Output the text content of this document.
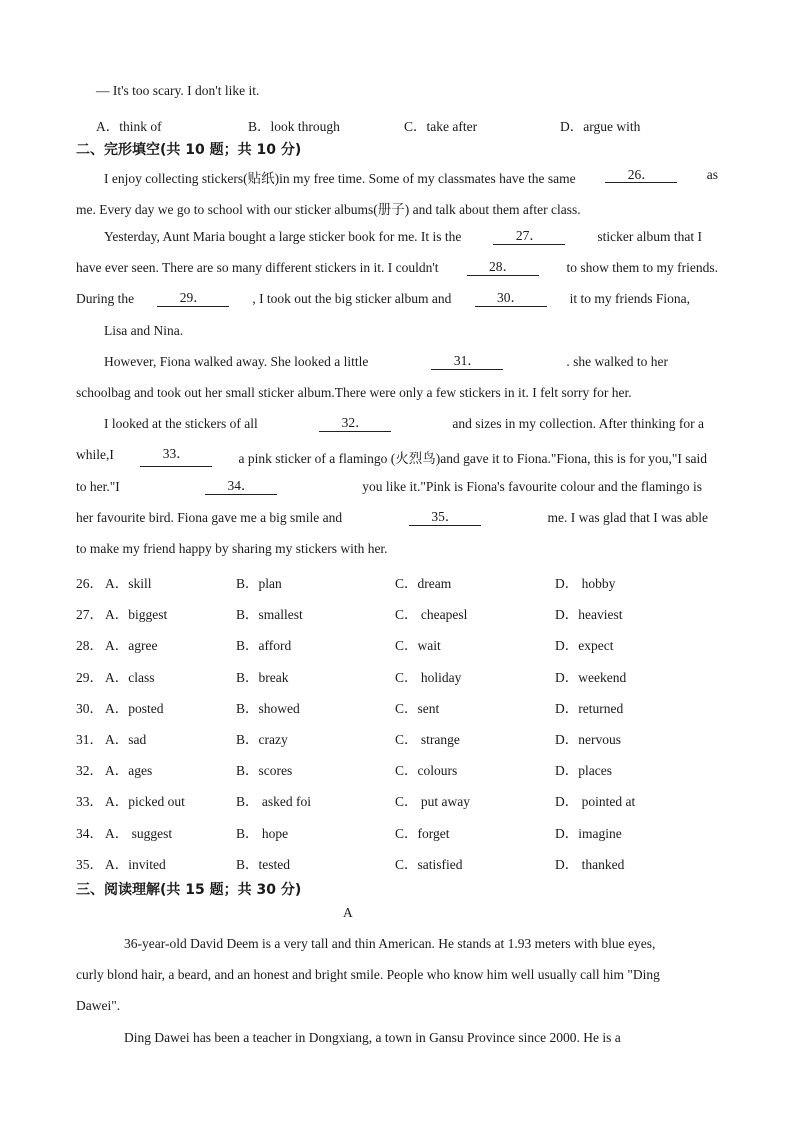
— It's too scary. I don't like it.
A．think of	B．look through	C．take after	D．argue with
二、完形填空(共 10 题；共 10 分)
I enjoy collecting stickers(贴纸)in my free time. Some of my classmates have the same	26．	as
me. Every day we go to school with our sticker albums(册子) and talk about them after class.
Yesterday, Aunt Maria bought a large sticker book for me. It is the	27．	sticker album that I
have ever seen. There are so many different stickers in it. I couldn't	28．	to show them to my friends.
During the	29．	, I took out the big sticker album and	30．	it to my friends Fiona,
Lisa and Nina.
However, Fiona walked away. She looked a little	31．	. she walked to her
schoolbag and took out her small sticker album.There were only a few stickers in it. I felt sorry for her.
I looked at the stickers of all	32．	and sizes in my collection. After thinking for a
while,I	33．	a pink sticker of a flamingo (火烈鸟)and gave it to Fiona."Fiona, this is for you,"I said
to her."I	34．	you like it."Pink is Fiona's favourite colour and the flamingo is
her favourite bird. Fiona gave me a big smile and	35．	me. I was glad that I was able
to make my friend happy by sharing my stickers with her.
26． A．skill	B．plan	C．dream	D． hobby
27． A．biggest	B．smallest	C． cheapesl	D．heaviest
28． A．agree	B．afford	C．wait	D．expect
29． A．class	B．break	C． holiday	D．weekend
30． A．posted	B．showed	C．sent	D．returned
31． A．sad	B．crazy	C． strange	D．nervous
32． A．ages	B．scores	C．colours	D．places
33． A．picked out	B． asked foi	C． put away	D． pointed at
34． A． suggest	B． hope	C．forget	D．imagine
35． A．invited	B．tested	C．satisfied	D． thanked
三、阅读理解(共 15 题；共 30 分)
A
36-year-old David Deem is a very tall and thin American. He stands at 1.93 meters with blue eyes,
curly blond hair, a beard, and an honest and bright smile. People who know him well usually call him "Ding
Dawei".
Ding Dawei has been a teacher in Dongxiang, a town in Gansu Province since 2000. He is a
